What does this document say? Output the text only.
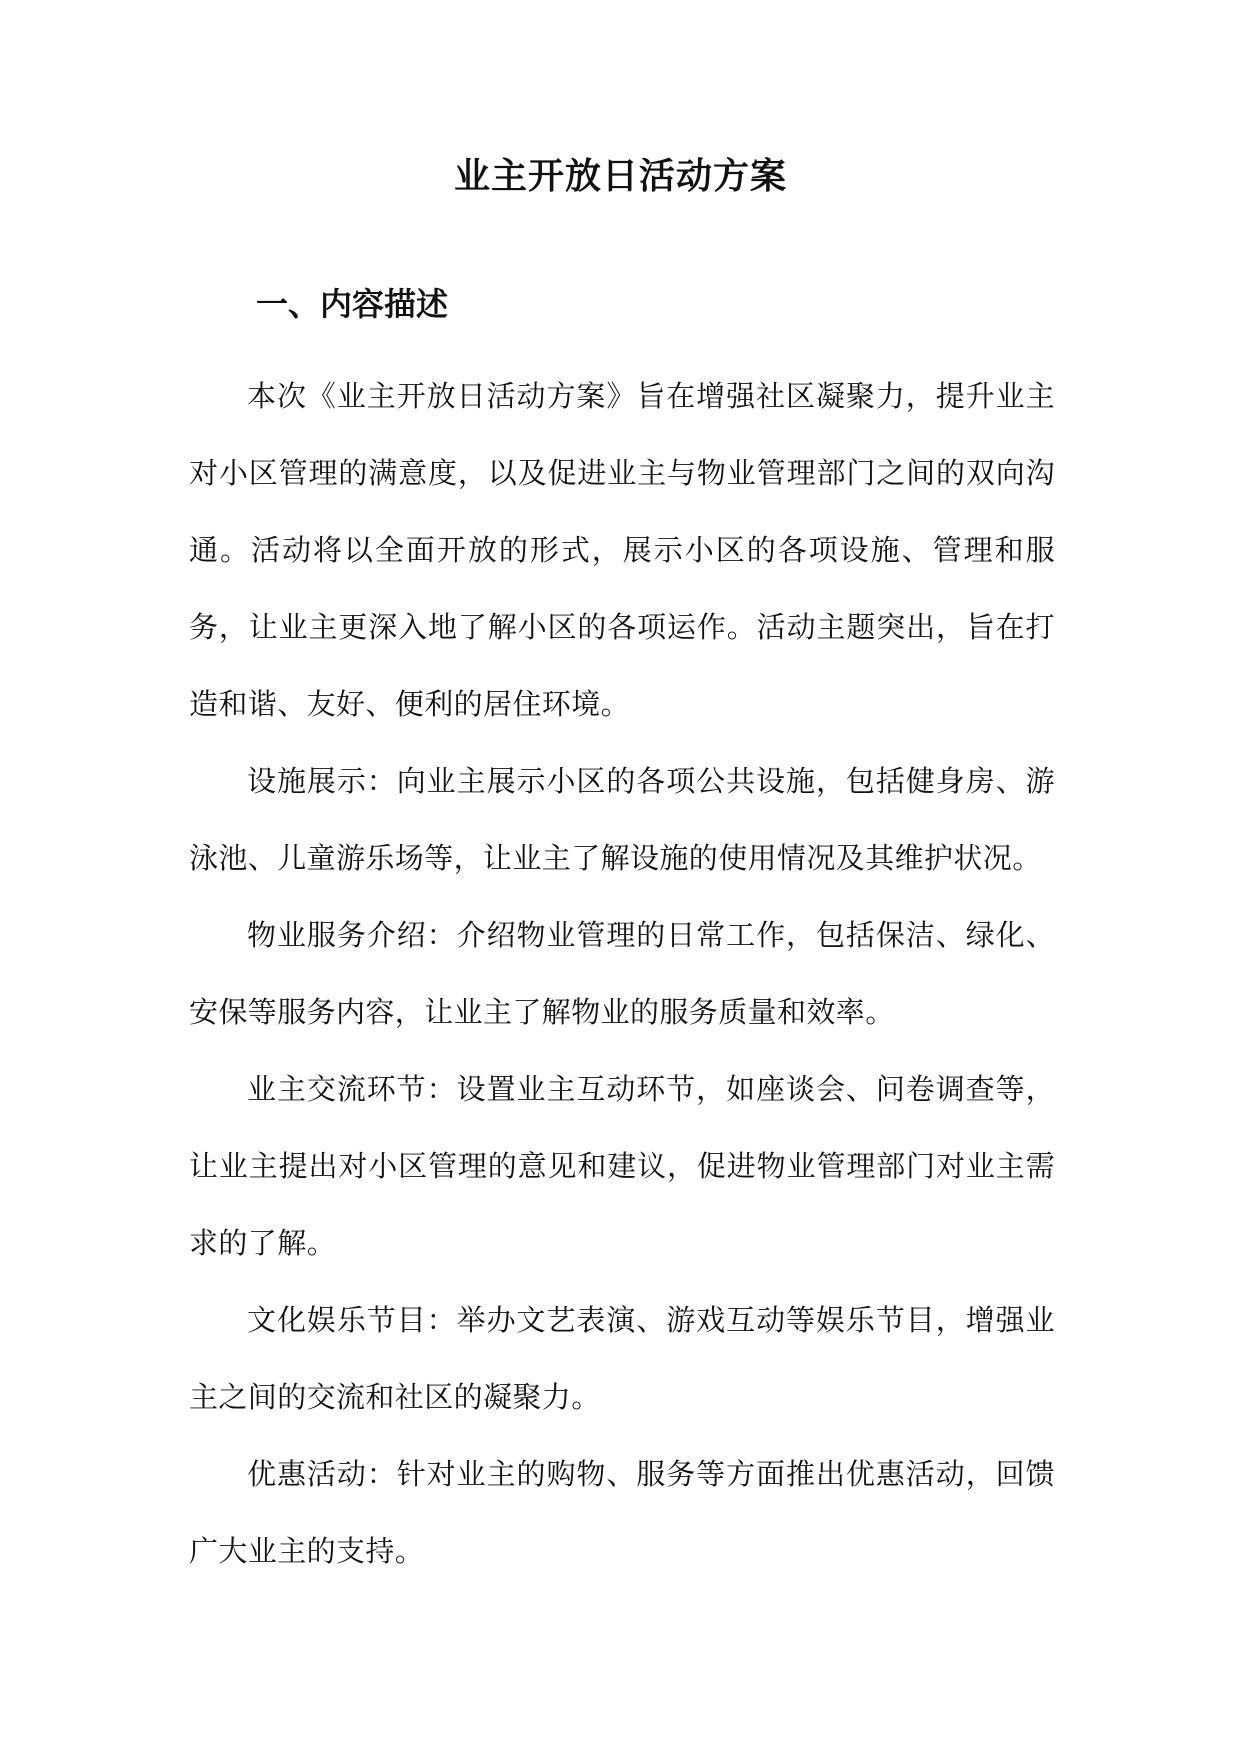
业主开放日活动方案
一、内容描述

本次《业主开放日活动方案》旨在增强社区凝聚力，提升业主对小区管理的满意度，以及促进业主与物业管理部门之间的双向沟通。活动将以全面开放的形式，展示小区的各项设施、管理和服务，让业主更深入地了解小区的各项运作。活动主题突出，旨在打造和谐、友好、便利的居住环境。

设施展示：向业主展示小区的各项公共设施，包括健身房、游泳池、儿童游乐场等，让业主了解设施的使用情况及其维护状况。

物业服务介绍：介绍物业管理的日常工作，包括保洁、绿化、安保等服务内容，让业主了解物业的服务质量和效率。

业主交流环节：设置业主互动环节，如座谈会、问卷调查等，让业主提出对小区管理的意见和建议，促进物业管理部门对业主需求的了解。

文化娱乐节目：举办文艺表演、游戏互动等娱乐节目，增强业主之间的交流和社区的凝聚力。

优惠活动：针对业主的购物、服务等方面推出优惠活动，回馈广大业主的支持。
